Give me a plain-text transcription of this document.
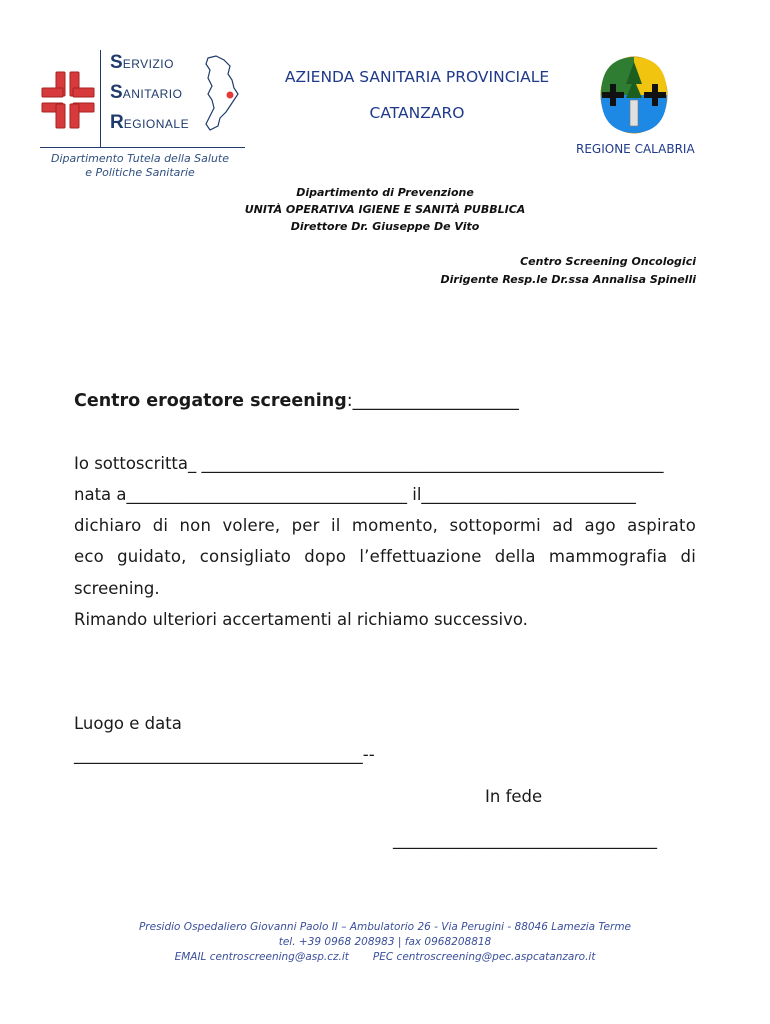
SERVIZIO
SANITARIO
REGIONALE
Dipartimento Tutela della Salute
e Politiche Sanitarie
AZIENDA SANITARIA PROVINCIALE
CATANZARO
REGIONE CALABRIA
Dipartimento di Prevenzione
UNITÀ OPERATIVA IGIENE E SANITÀ PUBBLICA
Direttore Dr. Giuseppe De Vito
Centro Screening Oncologici
Dirigente Resp.le Dr.ssa Annalisa Spinelli
Centro erogatore screening:___________________
Io sottoscritta_ ________________________________________________________
nata a__________________________________ il__________________________
dichiaro di non volere, per il momento, sottopormi ad ago aspirato
eco guidato, consigliato dopo l’effettuazione della mammografia di
screening.
Rimando ulteriori accertamenti al richiamo successivo.
Luogo e data
___________________________________--
In fede
________________________________
Presidio Ospedaliero Giovanni Paolo II – Ambulatorio 26 - Via Perugini - 88046 Lamezia Terme
tel. +39 0968 208983 | fax 0968208818
EMAIL centroscreening@asp.cz.it PEC centroscreening@pec.aspcatanzaro.it
